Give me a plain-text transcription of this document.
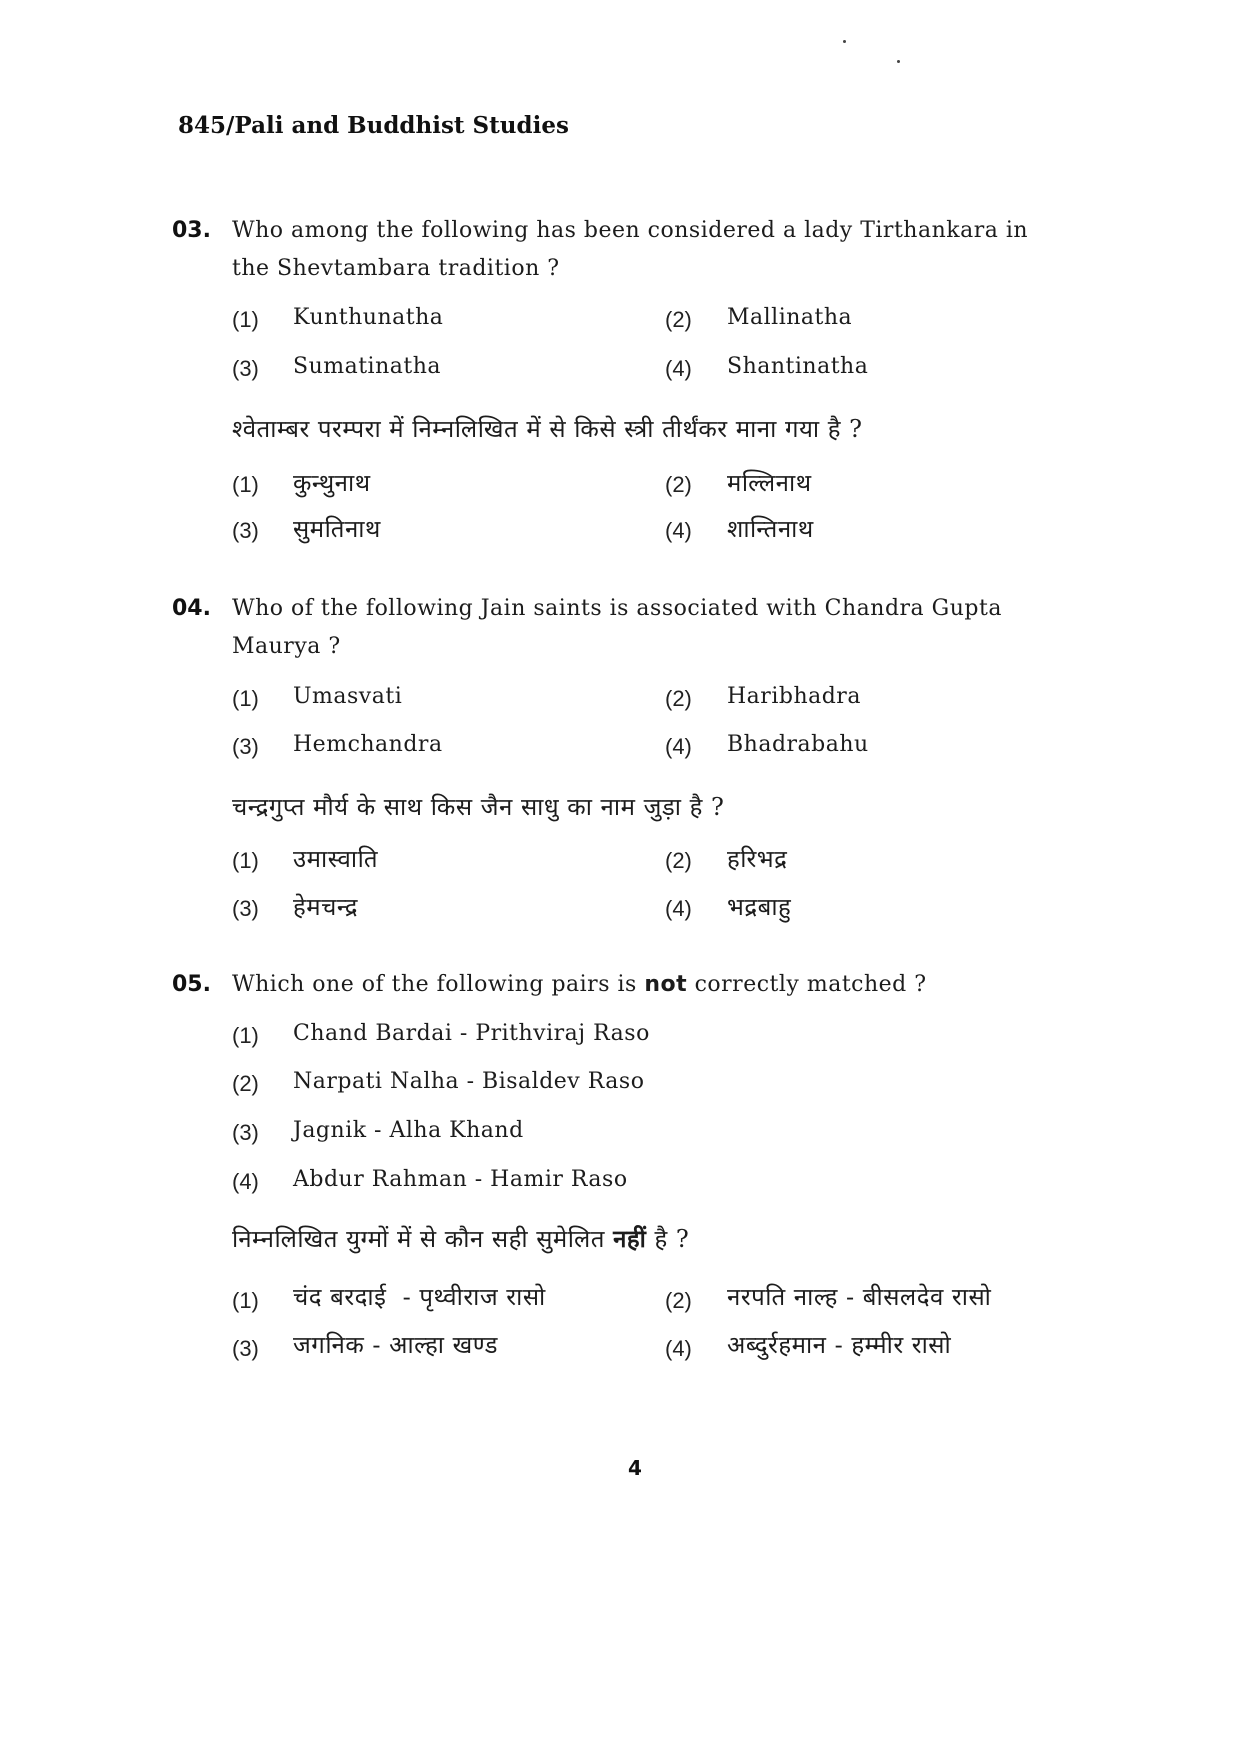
845/Pali and Buddhist Studies
03. Who among the following has been considered a lady Tirthankara in
the Shevtambara tradition ?
(1) Kunthunatha	(2) Mallinatha
(3) Sumatinatha	(4) Shantinatha
श्वेताम्बर परम्परा में निम्नलिखित में से किसे स्त्री तीर्थंकर माना गया है ?
(1) कुन्थुनाथ	(2) मल्लिनाथ
(3) सुमतिनाथ	(4) शान्तिनाथ
04. Who of the following Jain saints is associated with Chandra Gupta
Maurya ?
(1) Umasvati	(2) Haribhadra
(3) Hemchandra	(4) Bhadrabahu
चन्द्रगुप्त मौर्य के साथ किस जैन साधु का नाम जुड़ा है ?
(1) उमास्वाति	(2) हरिभद्र
(3) हेमचन्द्र	(4) भद्रबाहु
05. Which one of the following pairs is not correctly matched ?
(1) Chand Bardai - Prithviraj Raso
(2) Narpati Nalha - Bisaldev Raso
(3) Jagnik - Alha Khand
(4) Abdur Rahman - Hamir Raso
निम्नलिखित युग्मों में से कौन सही सुमेलित नहीं है ?
(1) चंद बरदाई  - पृथ्वीराज रासो	(2) नरपति नाल्ह - बीसलदेव रासो
(3) जगनिक - आल्हा खण्ड	(4) अब्दुर्रहमान - हम्मीर रासो
4
